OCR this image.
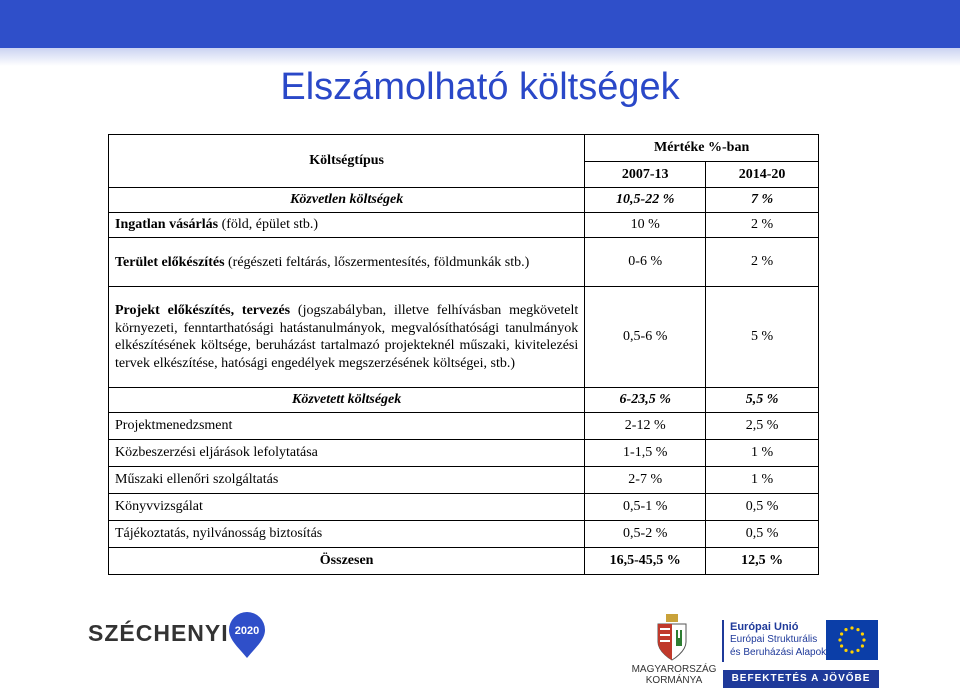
Elszámolható költségek
Költségtípus	Mértéke %-ban	
	2007-13	2014-20
Közvetlen költségek	10,5-22 %	7 %
Ingatlan vásárlás (föld, épület stb.)	10 %	2 %
Terület előkészítés (régészeti feltárás, lőszermentesítés, földmunkák stb.)	0-6 %	2 %
Projekt előkészítés, tervezés (jogszabályban, illetve felhívásban megkövetelt környezeti, fenntarthatósági hatástanulmányok, megvalósíthatósági tanulmányok elkészítésének költsége, beruházást tartalmazó projekteknél műszaki, kivitelezési tervek elkészítése, hatósági engedélyek megszerzésének költségei, stb.)	0,5-6 %	5 %
Közvetett költségek	6-23,5 %	5,5 %
Projektmenedzsment	2-12 %	2,5 %
Közbeszerzési eljárások lefolytatása	1-1,5 %	1 %
Műszaki ellenőri szolgáltatás	2-7 %	1 %
Könyvvizsgálat	0,5-1 %	0,5 %
Tájékoztatás, nyilvánosság biztosítás	0,5-2 %	0,5 %
Összesen	16,5-45,5 %	12,5 %
SZÉCHENYI 2020
MAGYARORSZÁG
KORMÁNYA
Európai Unió
Európai Strukturális
és Beruházási Alapok
BEFEKTETÉS A JÖVŐBE
